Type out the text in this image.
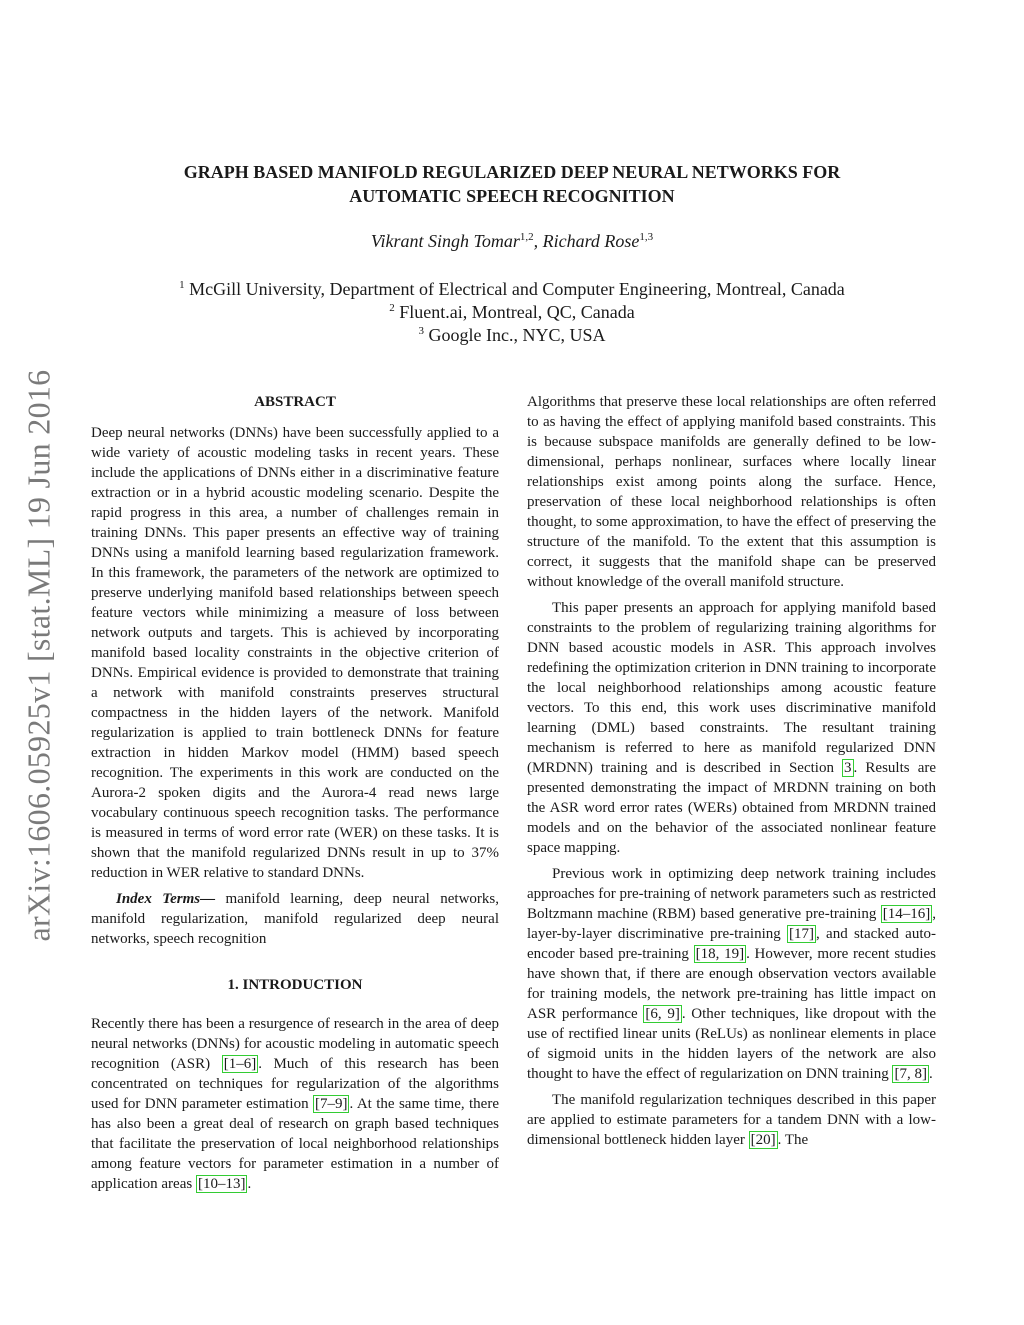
arXiv:1606.05925v1 [stat.ML] 19 Jun 2016
GRAPH BASED MANIFOLD REGULARIZED DEEP NEURAL NETWORKS FOR
AUTOMATIC SPEECH RECOGNITION
Vikrant Singh Tomar$^{1,2}$, Richard Rose$^{1,3}$
$^1$ McGill University, Department of Electrical and Computer Engineering, Montreal, Canada
$^2$ Fluent.ai, Montreal, QC, Canada
$^3$ Google Inc., NYC, USA
ABSTRACT

Deep neural networks (DNNs) have been successfully applied to a wide variety of acoustic modeling tasks in recent years. These include the applications of DNNs either in a discriminative feature extraction or in a hybrid acoustic modeling scenario. Despite the rapid progress in this area, a number of challenges remain in training DNNs. This paper presents an effective way of training DNNs using a manifold learning based regularization framework. In this framework, the parameters of the network are optimized to preserve underlying manifold based relationships between speech feature vectors while minimizing a measure of loss between network outputs and targets. This is achieved by incorporating manifold based locality constraints in the objective criterion of DNNs. Empirical evidence is provided to demonstrate that training a network with manifold constraints preserves structural compactness in the hidden layers of the network. Manifold regularization is applied to train bottleneck DNNs for feature extraction in hidden Markov model (HMM) based speech recognition. The experiments in this work are conducted on the Aurora-2 spoken digits and the Aurora-4 read news large vocabulary continuous speech recognition tasks. The performance is measured in terms of word error rate (WER) on these tasks. It is shown that the manifold regularized DNNs result in up to 37% reduction in WER relative to standard DNNs.

Index Terms— manifold learning, deep neural networks, manifold regularization, manifold regularized deep neural networks, speech recognition

1. INTRODUCTION

Recently there has been a resurgence of research in the area of deep neural networks (DNNs) for acoustic modeling in automatic speech recognition (ASR) [1–6] . Much of this research has been concentrated on techniques for regularization of the algorithms used for DNN parameter estimation [7–9] . At the same time, there has also been a great deal of research on graph based techniques that facilitate the preservation of local neighborhood relationships among feature vectors for parameter estimation in a number of application areas [10–13] .

Algorithms that preserve these local relationships are often referred to as having the effect of applying manifold based constraints. This is because subspace manifolds are generally defined to be low-dimensional, perhaps nonlinear, surfaces where locally linear relationships exist among points along the surface. Hence, preservation of these local neighborhood relationships is often thought, to some approximation, to have the effect of preserving the structure of the manifold. To the extent that this assumption is correct, it suggests that the manifold shape can be preserved without knowledge of the overall manifold structure.

This paper presents an approach for applying manifold based constraints to the problem of regularizing training algorithms for DNN based acoustic models in ASR. This approach involves redefining the optimization criterion in DNN training to incorporate the local neighborhood relationships among acoustic feature vectors. To this end, this work uses discriminative manifold learning (DML) based constraints. The resultant training mechanism is referred to here as manifold regularized DNN (MRDNN) training and is described in Section 3 . Results are presented demonstrating the impact of MRDNN training on both the ASR word error rates (WERs) obtained from MRDNN trained models and on the behavior of the associated nonlinear feature space mapping.

Previous work in optimizing deep network training includes approaches for pre-training of network parameters such as restricted Boltzmann machine (RBM) based generative pre-training [14–16] , layer-by-layer discriminative pre-training [17] , and stacked auto-encoder based pre-training [18, 19] . However, more recent studies have shown that, if there are enough observation vectors available for training models, the network pre-training has little impact on ASR performance [6, 9] . Other techniques, like dropout with the use of rectified linear units (ReLUs) as nonlinear elements in place of sigmoid units in the hidden layers of the network are also thought to have the effect of regularization on DNN training [7, 8] .

The manifold regularization techniques described in this paper are applied to estimate parameters for a tandem DNN with a low-dimensional bottleneck hidden layer [20] . The
